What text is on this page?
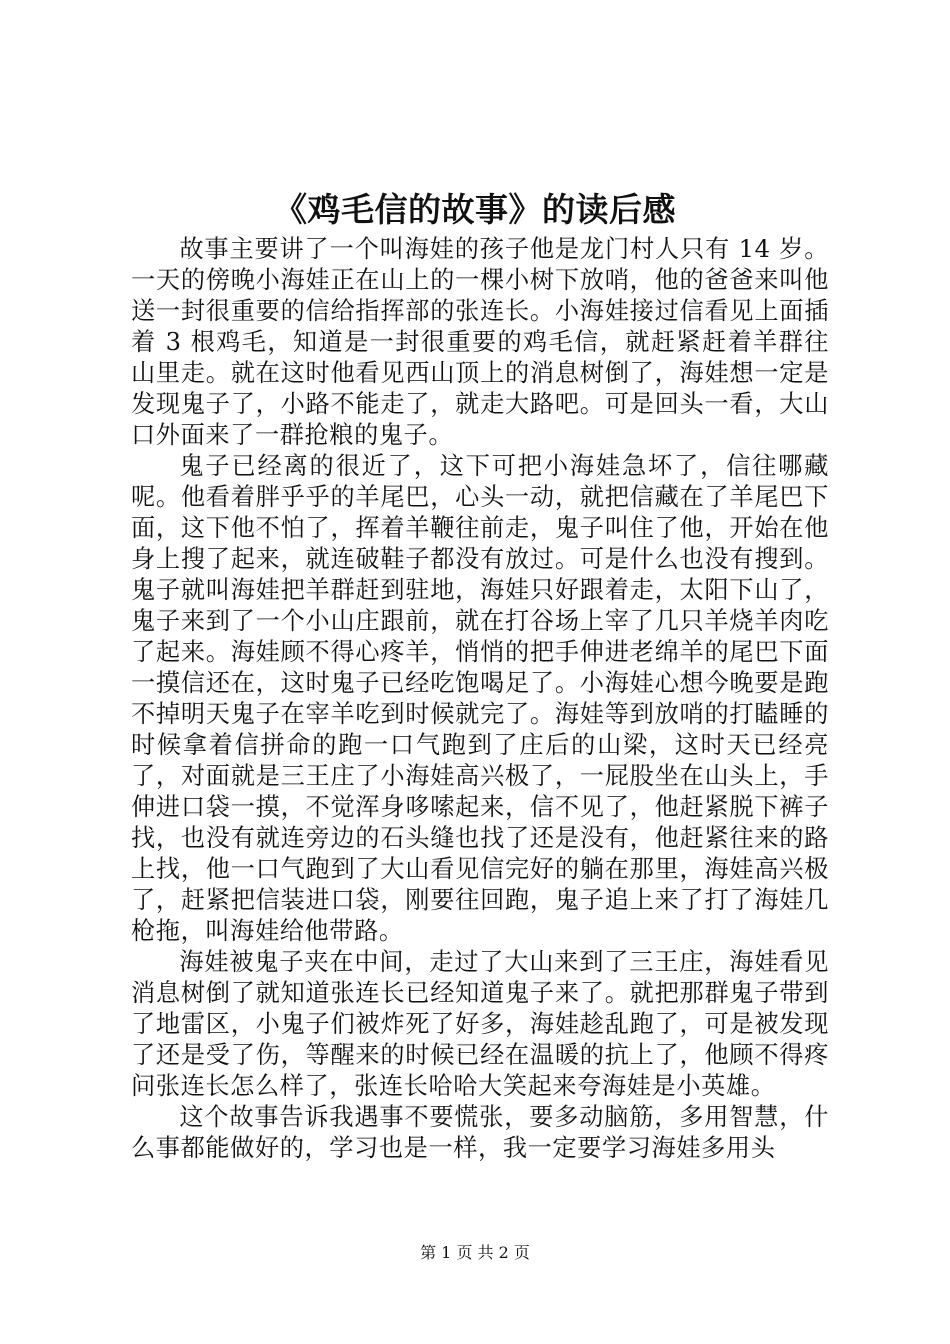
《鸡毛信的故事》的读后感

故事主要讲了一个叫海娃的孩子他是龙门村人只有 14 岁。一天的傍晚小海娃正在山上的一棵小树下放哨，他的爸爸来叫他送一封很重要的信给指挥部的张连长。小海娃接过信看见上面插着 3 根鸡毛，知道是一封很重要的鸡毛信，就赶紧赶着羊群往山里走。就在这时他看见西山顶上的消息树倒了，海娃想一定是发现鬼子了，小路不能走了，就走大路吧。可是回头一看，大山口外面来了一群抢粮的鬼子。

鬼子已经离的很近了，这下可把小海娃急坏了，信往哪藏呢。他看着胖乎乎的羊尾巴，心头一动，就把信藏在了羊尾巴下面，这下他不怕了，挥着羊鞭往前走，鬼子叫住了他，开始在他身上搜了起来，就连破鞋子都没有放过。可是什么也没有搜到。鬼子就叫海娃把羊群赶到驻地，海娃只好跟着走，太阳下山了，鬼子来到了一个小山庄跟前，就在打谷场上宰了几只羊烧羊肉吃了起来。海娃顾不得心疼羊，悄悄的把手伸进老绵羊的尾巴下面一摸信还在，这时鬼子已经吃饱喝足了。小海娃心想今晚要是跑不掉明天鬼子在宰羊吃到时候就完了。海娃等到放哨的打瞌睡的时候拿着信拼命的跑一口气跑到了庄后的山梁，这时天已经亮了，对面就是三王庄了小海娃高兴极了，一屁股坐在山头上，手伸进口袋一摸，不觉浑身哆嗦起来，信不见了，他赶紧脱下裤子找，也没有就连旁边的石头缝也找了还是没有，他赶紧往来的路上找，他一口气跑到了大山看见信完好的躺在那里，海娃高兴极了，赶紧把信装进口袋，刚要往回跑，鬼子追上来了打了海娃几枪拖，叫海娃给他带路。

海娃被鬼子夹在中间，走过了大山来到了三王庄，海娃看见消息树倒了就知道张连长已经知道鬼子来了。就把那群鬼子带到了地雷区，小鬼子们被炸死了好多，海娃趁乱跑了，可是被发现了还是受了伤，等醒来的时候已经在温暖的抗上了，他顾不得疼问张连长怎么样了，张连长哈哈大笑起来夸海娃是小英雄。

这个故事告诉我遇事不要慌张，要多动脑筋，多用智慧，什么事都能做好的，学习也是一样，我一定要学习海娃多用头

第 1 页 共 2 页
